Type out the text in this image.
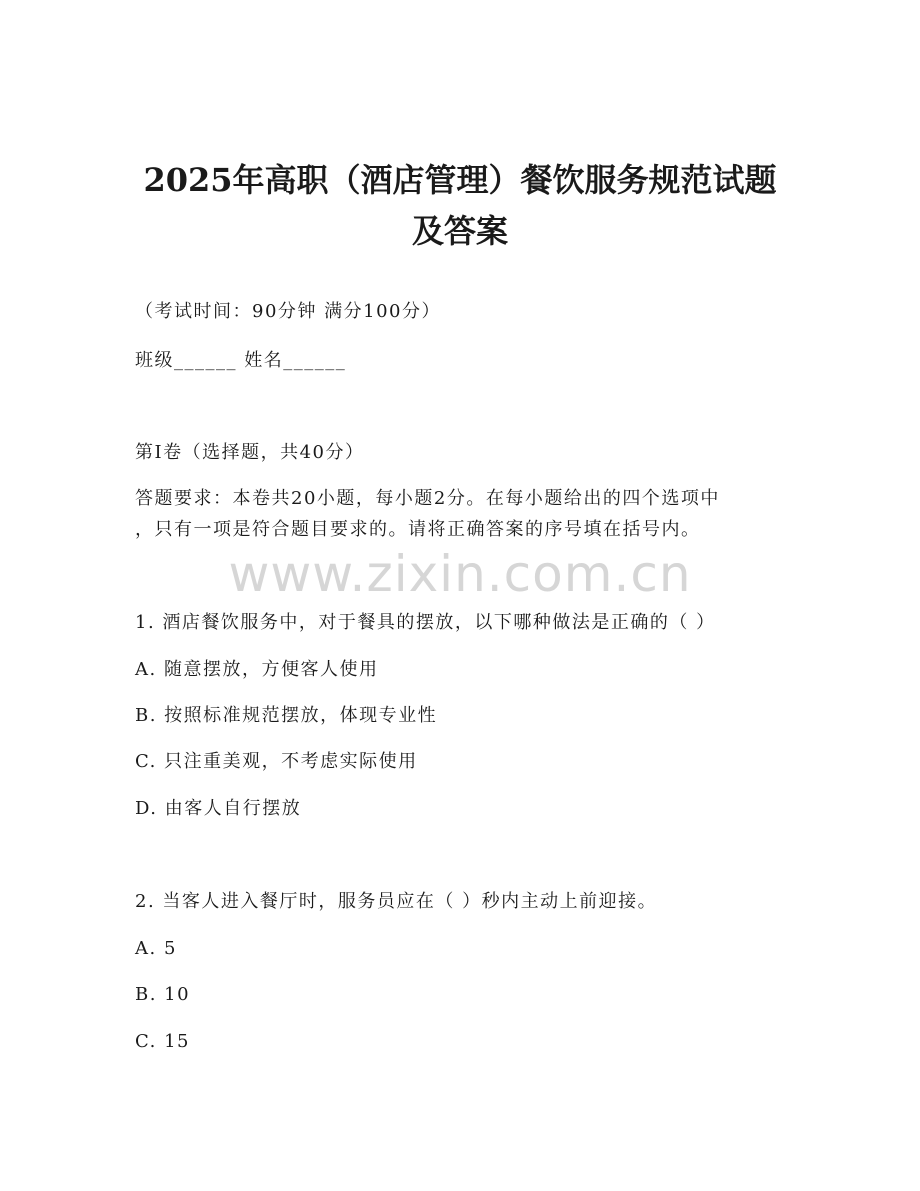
2025年高职（酒店管理）餐饮服务规范试题
及答案
（考试时间：90分钟 满分100分）
班级______ 姓名______
第Ⅰ卷（选择题，共40分）
答题要求：本卷共20小题，每小题2分。在每小题给出的四个选项中
，只有一项是符合题目要求的。请将正确答案的序号填在括号内。
www.zixin.com.cn
1. 酒店餐饮服务中，对于餐具的摆放，以下哪种做法是正确的（ ）
A. 随意摆放，方便客人使用
B. 按照标准规范摆放，体现专业性
C. 只注重美观，不考虑实际使用
D. 由客人自行摆放
2. 当客人进入餐厅时，服务员应在（ ）秒内主动上前迎接。
A. 5
B. 10
C. 15
